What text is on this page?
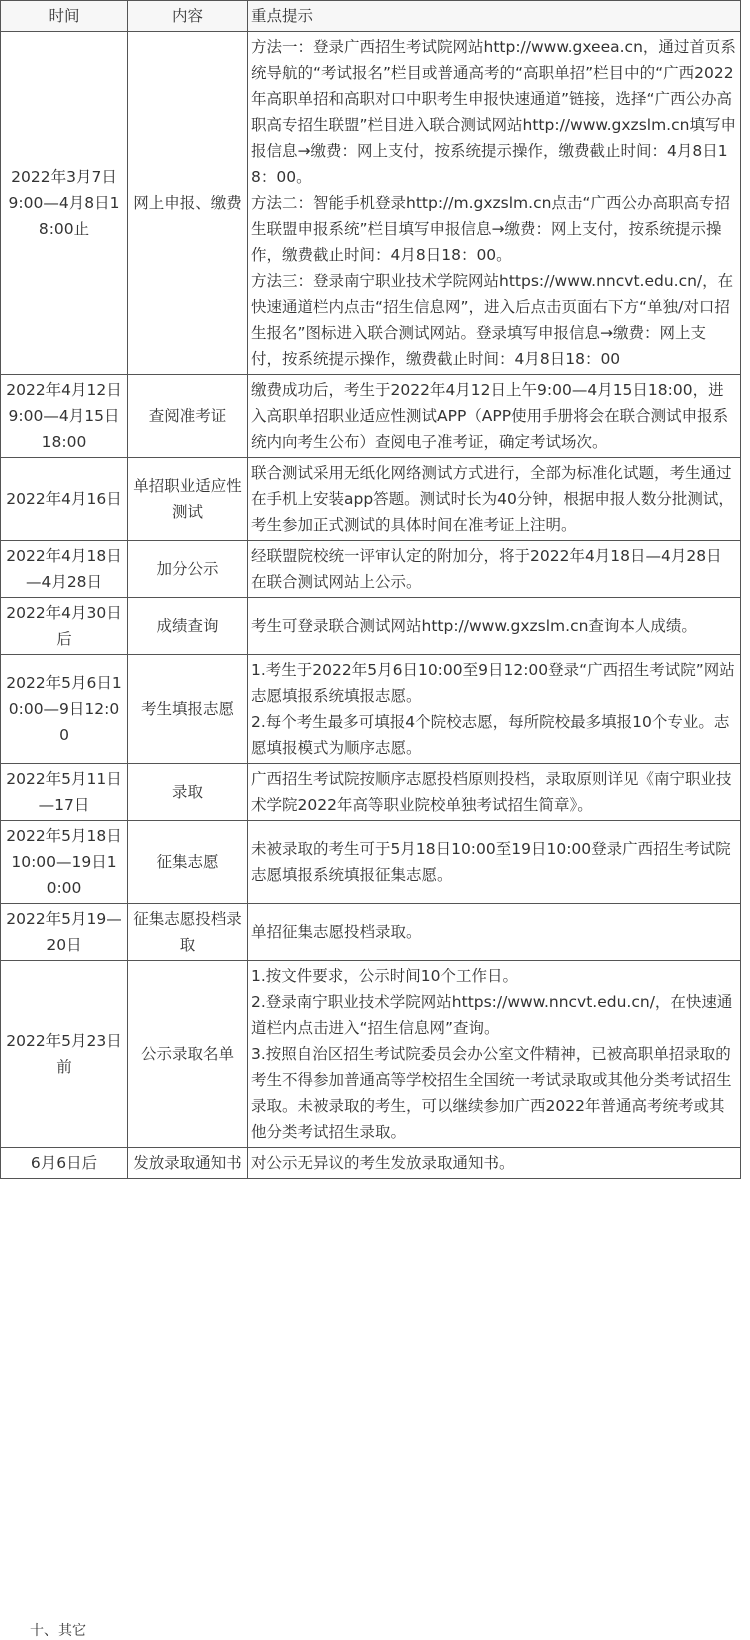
时间	内容	重点提示
2022年3月7日9:00—4月8日18:00止	网上申报、缴费	方法一：登录广西招生考试院网站http://www.gxeea.cn，通过首页系统导航的“考试报名”栏目或普通高考的“高职单招”栏目中的“广西2022年高职单招和高职对口中职考生申报快速通道”链接，选择“广西公办高职高专招生联盟”栏目进入联合测试网站http://www.gxzslm.cn填写申报信息→缴费：网上支付，按系统提示操作，缴费截止时间：4月8日18：00。
方法二：智能手机登录http://m.gxzslm.cn点击“广西公办高职高专招生联盟申报系统”栏目填写申报信息→缴费：网上支付，按系统提示操作，缴费截止时间：4月8日18：00。
方法三：登录南宁职业技术学院网站https://www.nncvt.edu.cn/，在快速通道栏内点击“招生信息网”，进入后点击页面右下方“单独/对口招生报名”图标进入联合测试网站。登录填写申报信息→缴费：网上支付，按系统提示操作，缴费截止时间：4月8日18：00

2022年4月12日9:00—4月15日18:00	查阅准考证	缴费成功后，考生于2022年4月12日上午9:00—4月15日18:00，进入高职单招职业适应性测试APP（APP使用手册将会在联合测试申报系统内向考生公布）查阅电子准考证，确定考试场次。

2022年4月16日	单招职业适应性测试	联合测试采用无纸化网络测试方式进行，全部为标准化试题，考生通过在手机上安装app答题。测试时长为40分钟，根据申报人数分批测试，考生参加正式测试的具体时间在准考证上注明。

2022年4月18日—4月28日	加分公示	经联盟院校统一评审认定的附加分，将于2022年4月18日—4月28日在联合测试网站上公示。

2022年4月30日后	成绩查询	考生可登录联合测试网站http://www.gxzslm.cn查询本人成绩。

2022年5月6日10:00—9日12:00	考生填报志愿	1.考生于2022年5月6日10:00至9日12:00登录“广西招生考试院”网站志愿填报系统填报志愿。
2.每个考生最多可填报4个院校志愿，每所院校最多填报10个专业。志愿填报模式为顺序志愿。

2022年5月11日—17日	录取	广西招生考试院按顺序志愿投档原则投档，录取原则详见《南宁职业技术学院2022年高等职业院校单独考试招生简章》。

2022年5月18日10:00—19日10:00	征集志愿	未被录取的考生可于5月18日10:00至19日10:00登录广西招生考试院志愿填报系统填报征集志愿。

2022年5月19—20日	征集志愿投档录取	单招征集志愿投档录取。

2022年5月23日前	公示录取名单	1.按文件要求，公示时间10个工作日。
2.登录南宁职业技术学院网站https://www.nncvt.edu.cn/，在快速通道栏内点击进入“招生信息网”查询。
3.按照自治区招生考试院委员会办公室文件精神，已被高职单招录取的考生不得参加普通高等学校招生全国统一考试录取或其他分类考试招生录取。未被录取的考生，可以继续参加广西2022年普通高考统考或其他分类考试招生录取。

6月6日后	发放录取通知书	对公示无异议的考生发放录取通知书。
十、其它
